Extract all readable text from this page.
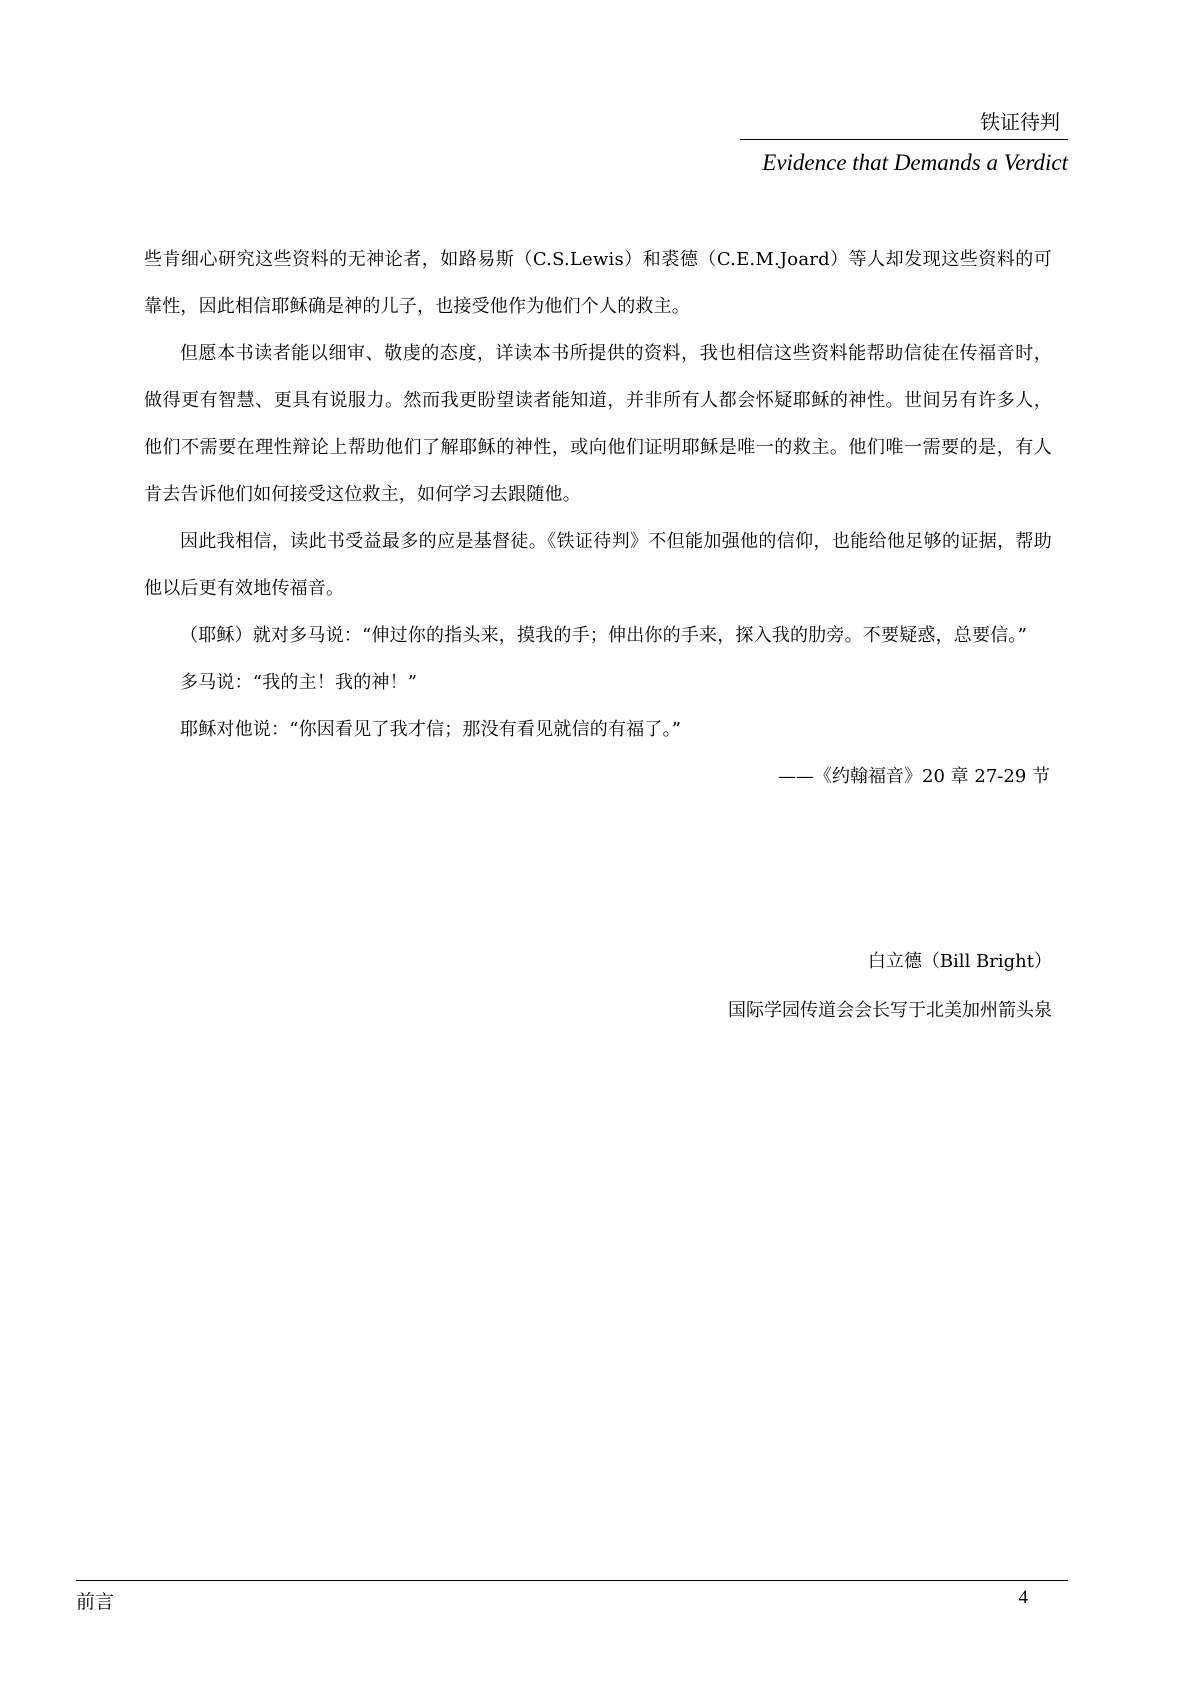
铁证待判
Evidence that Demands a Verdict

些肯细心研究这些资料的无神论者，如路易斯（C.S.Lewis）和裘德（C.E.M.Joard）等人却发现这些资料的可靠性，因此相信耶稣确是神的儿子，也接受他作为他们个人的救主。

但愿本书读者能以细审、敬虔的态度，详读本书所提供的资料，我也相信这些资料能帮助信徒在传福音时，做得更有智慧、更具有说服力。然而我更盼望读者能知道，并非所有人都会怀疑耶稣的神性。世间另有许多人，他们不需要在理性辩论上帮助他们了解耶稣的神性，或向他们证明耶稣是唯一的救主。他们唯一需要的是，有人肯去告诉他们如何接受这位救主，如何学习去跟随他。

因此我相信，读此书受益最多的应是基督徒。《铁证待判》不但能加强他的信仰，也能给他足够的证据，帮助他以后更有效地传福音。

（耶稣）就对多马说：“伸过你的指头来，摸我的手；伸出你的手来，探入我的肋旁。不要疑惑，总要信。”

多马说：“我的主！我的神！”

耶稣对他说：“你因看见了我才信；那没有看见就信的有福了。”

——《约翰福音》20 章 27-29 节

白立德（Bill Bright）
国际学园传道会会长写于北美加州箭头泉
前言	4
